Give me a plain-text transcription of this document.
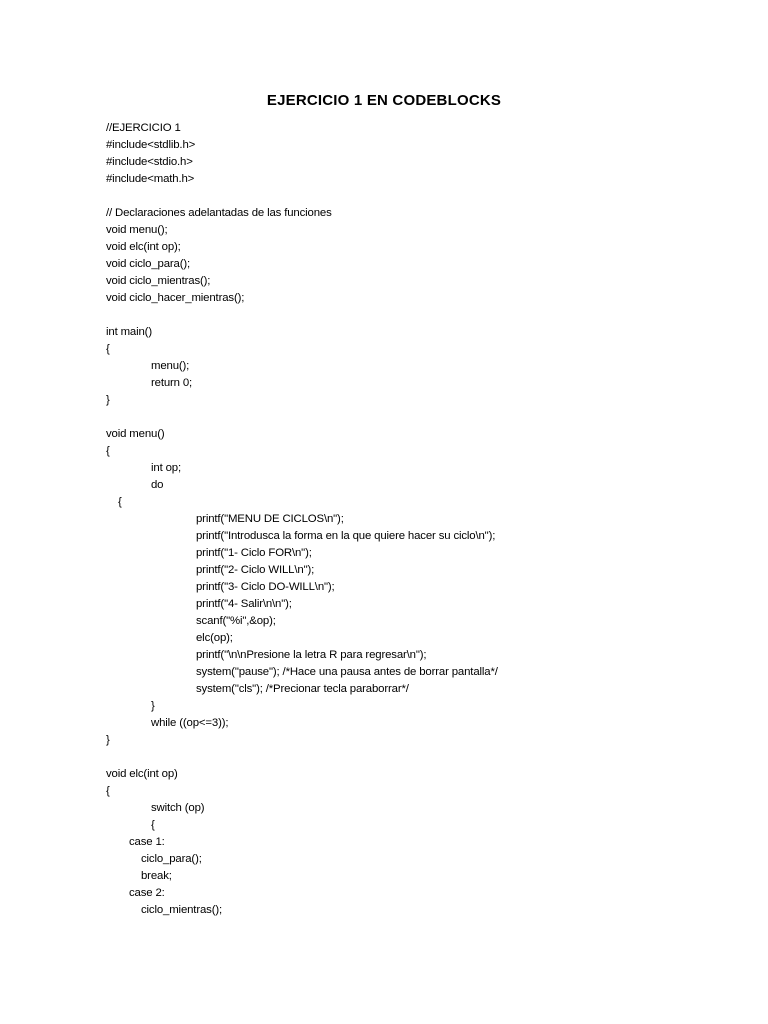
EJERCICIO 1 EN CODEBLOCKS
//EJERCICIO 1
#include<stdlib.h>
#include<stdio.h>
#include<math.h>
// Declaraciones adelantadas de las funciones
void menu();
void elc(int op);
void ciclo_para();
void ciclo_mientras();
void ciclo_hacer_mientras();
int main()
{
menu();
return 0;
}
void menu()
{
int op;
do
{
printf("MENU DE CICLOS\n");
printf("Introdusca la forma en la que quiere hacer su ciclo\n");
printf("1- Ciclo FOR\n");
printf("2- Ciclo WILL\n");
printf("3- Ciclo DO-WILL\n");
printf("4- Salir\n\n");
scanf("%i",&op);
elc(op);
printf("\n\nPresione la letra R para regresar\n");
system("pause"); /*Hace una pausa antes de borrar pantalla*/
system("cls"); /*Precionar tecla paraborrar*/
}
while ((op<=3));
}
void elc(int op)
{
switch (op)
{
case 1:
ciclo_para();
break;
case 2:
ciclo_mientras();
